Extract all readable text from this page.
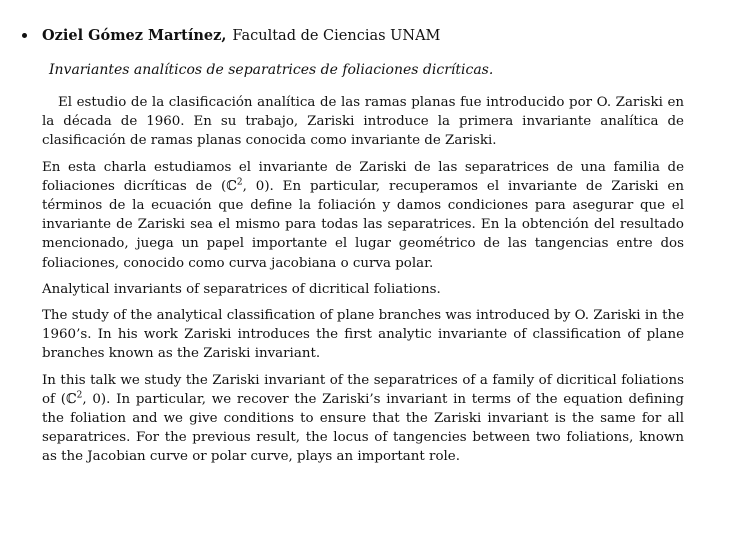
Oziel Gómez Martínez, Facultad de Ciencias UNAM
Invariantes analíticos de separatrices de foliaciones dicríticas.

El estudio de la clasificación analítica de las ramas planas fue introducido por O. Zariski en la década de 1960. En su trabajo, Zariski introduce la primera invariante analítica de clasificación de ramas planas conocida como invariante de Zariski.

En esta charla estudiamos el invariante de Zariski de las separatrices de una familia de foliaciones dicríticas de (ℂ$^2$, 0). En particular, recuperamos el invariante de Zariski en términos de la ecuación que define la foliación y damos condiciones para asegurar que el invariante de Zariski sea el mismo para todas las separatrices. En la obtención del resultado mencionado, juega un papel importante el lugar geométrico de las tangencias entre dos foliaciones, conocido como curva jacobiana o curva polar.

Analytical invariants of separatrices of dicritical foliations.

The study of the analytical classification of plane branches was introduced by O. Zariski in the 1960’s. In his work Zariski introduces the first analytic invariante of classification of plane branches known as the Zariski invariant.

In this talk we study the Zariski invariant of the separatrices of a family of dicritical foliations of (ℂ$^2$, 0). In particular, we recover the Zariski’s invariant in terms of the equation defining the foliation and we give conditions to ensure that the Zariski invariant is the same for all separatrices. For the previous result, the locus of tangencies between two foliations, known as the Jacobian curve or polar curve, plays an important role.
